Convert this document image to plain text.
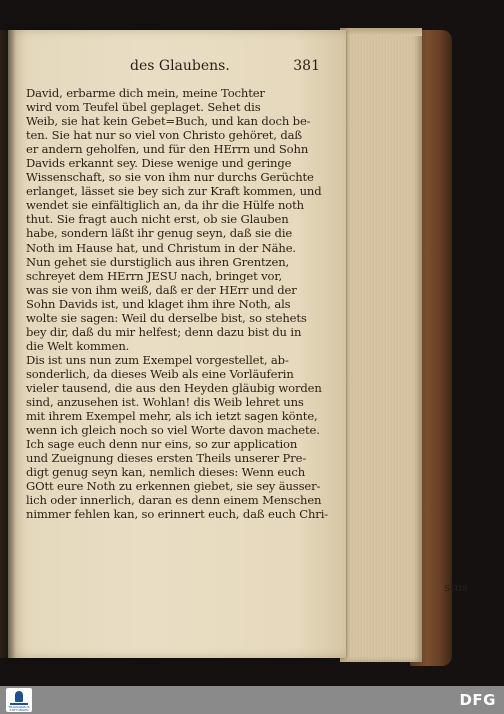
des Glaubens.	381
David, erbarme dich mein, meine Tochter
wird vom Teufel übel geplaget. Sehet dis
Weib, sie hat kein Gebet=Buch, und kan doch be-
ten. Sie hat nur so viel von Christo gehöret, daß
er andern geholfen, und für den HErrn und Sohn
Davids erkannt sey. Diese wenige und geringe
Wissenschaft, so sie von ihm nur durchs Gerüchte
erlanget, lässet sie bey sich zur Kraft kommen, und
wendet sie einfältiglich an, da ihr die Hülfe noth
thut. Sie fragt auch nicht erst, ob sie Glauben
habe, sondern läßt ihr genug seyn, daß sie die
Noth im Hause hat, und Christum in der Nähe.
Nun gehet sie durstiglich aus ihren Grentzen,
schreyet dem HErrn JESU nach, bringet vor,
was sie von ihm weiß, daß er der HErr und der
Sohn Davids ist, und klaget ihm ihre Noth, als
wolte sie sagen: Weil du derselbe bist, so stehets
bey dir, daß du mir helfest; denn dazu bist du in
die Welt kommen.
Dis ist uns nun zum Exempel vorgestellet, ab-
sonderlich, da dieses Weib als eine Vorläuferin
vieler tausend, die aus den Heyden gläubig worden
sind, anzusehen ist. Wohlan! dis Weib lehret uns
mit ihrem Exempel mehr, als ich ietzt sagen könte,
wenn ich gleich noch so viel Worte davon machete.
Ich sage euch denn nur eins, so zur application
und Zueignung dieses ersten Theils unserer Pre-
digt genug seyn kan, nemlich dieses: Wenn euch
GOtt eure Noth zu erkennen giebet, sie sey äusser-
lich oder innerlich, daran es denn einem Menschen
nimmer fehlen kan, so erinnert euch, daß euch Chri-
stus
TRANSKRIBUS STIFTUNGEN
DFG
